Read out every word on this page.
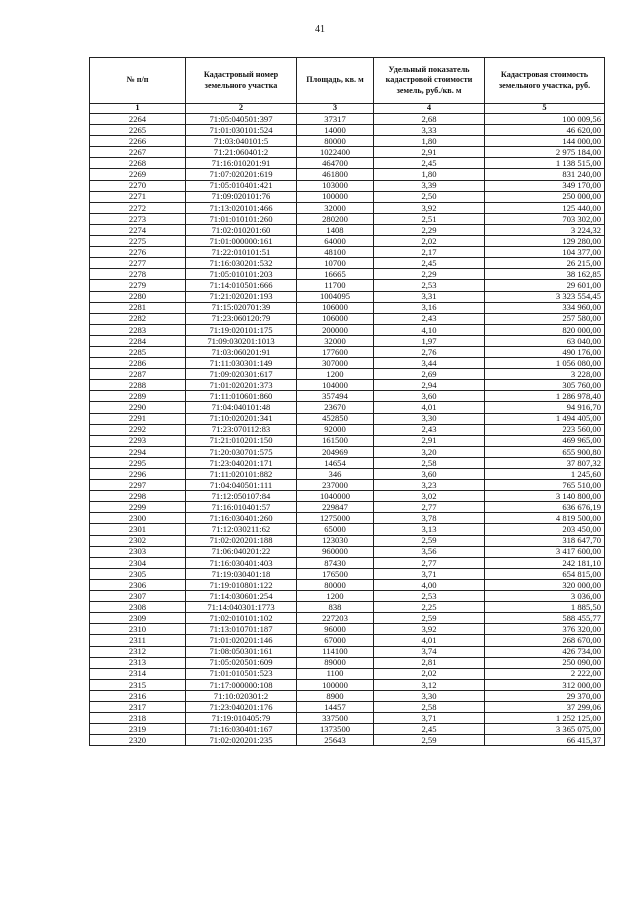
41
№ п/п	Кадастровый номер земельного участка	Площадь, кв. м	Удельный показатель кадастровой стоимости земель, руб./кв. м	Кадастровая стоимость земельного участка, руб.
1	2	3	4	5
2264	71:05:040501:397	37317	2,68	100 009,56
2265	71:01:030101:524	14000	3,33	46 620,00
2266	71:03:040101:5	80000	1,80	144 000,00
2267	71:21:060401:2	1022400	2,91	2 975 184,00
2268	71:16:010201:91	464700	2,45	1 138 515,00
2269	71:07:020201:619	461800	1,80	831 240,00
2270	71:05:010401:421	103000	3,39	349 170,00
2271	71:09:020101:76	100000	2,50	250 000,00
2272	71:13:020101:466	32000	3,92	125 440,00
2273	71:01:010101:260	280200	2,51	703 302,00
2274	71:02:010201:60	1408	2,29	3 224,32
2275	71:01:000000:161	64000	2,02	129 280,00
2276	71:22:010101:51	48100	2,17	104 377,00
2277	71:16:030201:532	10700	2,45	26 215,00
2278	71:05:010101:203	16665	2,29	38 162,85
2279	71:14:010501:666	11700	2,53	29 601,00
2280	71:21:020201:193	1004095	3,31	3 323 554,45
2281	71:15:020701:39	106000	3,16	334 960,00
2282	71:23:060120:79	106000	2,43	257 580,00
2283	71:19:020101:175	200000	4,10	820 000,00
2284	71:09:030201:1013	32000	1,97	63 040,00
2285	71:03:060201:91	177600	2,76	490 176,00
2286	71:11:030301:149	307000	3,44	1 056 080,00
2287	71:09:020301:617	1200	2,69	3 228,00
2288	71:01:020201:373	104000	2,94	305 760,00
2289	71:11:010601:860	357494	3,60	1 286 978,40
2290	71:04:040101:48	23670	4,01	94 916,70
2291	71:10:020201:341	452850	3,30	1 494 405,00
2292	71:23:070112:83	92000	2,43	223 560,00
2293	71:21:010201:150	161500	2,91	469 965,00
2294	71:20:030701:575	204969	3,20	655 900,80
2295	71:23:040201:171	14654	2,58	37 807,32
2296	71:11:020101:882	346	3,60	1 245,60
2297	71:04:040501:111	237000	3,23	765 510,00
2298	71:12:050107:84	1040000	3,02	3 140 800,00
2299	71:16:010401:57	229847	2,77	636 676,19
2300	71:16:030401:260	1275000	3,78	4 819 500,00
2301	71:12:030211:62	65000	3,13	203 450,00
2302	71:02:020201:188	123030	2,59	318 647,70
2303	71:06:040201:22	960000	3,56	3 417 600,00
2304	71:16:030401:403	87430	2,77	242 181,10
2305	71:19:030401:18	176500	3,71	654 815,00
2306	71:19:010801:122	80000	4,00	320 000,00
2307	71:14:030601:254	1200	2,53	3 036,00
2308	71:14:040301:1773	838	2,25	1 885,50
2309	71:02:010101:102	227203	2,59	588 455,77
2310	71:13:010701:187	96000	3,92	376 320,00
2311	71:01:020201:146	67000	4,01	268 670,00
2312	71:08:050301:161	114100	3,74	426 734,00
2313	71:05:020501:609	89000	2,81	250 090,00
2314	71:01:010501:523	1100	2,02	2 222,00
2315	71:17:000000:108	100000	3,12	312 000,00
2316	71:10:020301:2	8900	3,30	29 370,00
2317	71:23:040201:176	14457	2,58	37 299,06
2318	71:19:010405:79	337500	3,71	1 252 125,00
2319	71:16:030401:167	1373500	2,45	3 365 075,00
2320	71:02:020201:235	25643	2,59	66 415,37
